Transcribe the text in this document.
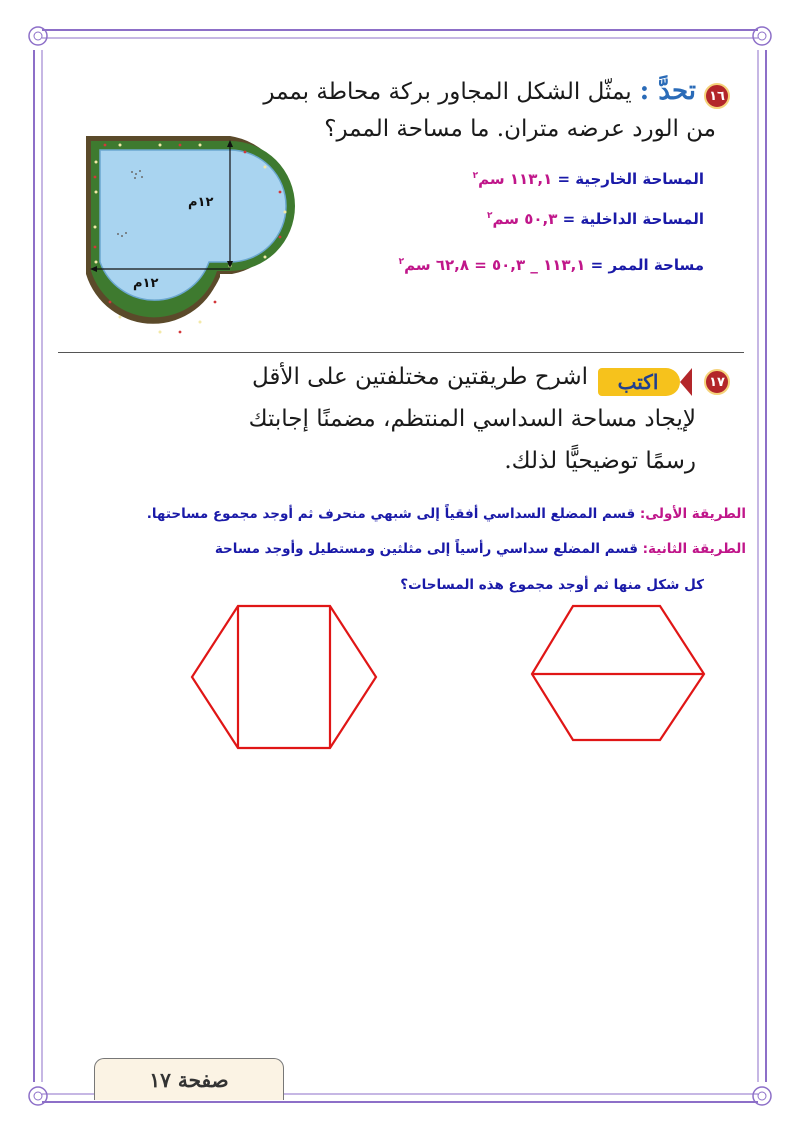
١٦
تحدَّ :
يمثّل الشكل المجاور بركة محاطة بممر
من الورد عرضه متران. ما مساحة الممر؟
١٢م
١٢م
المساحة الخارجية = ١١٣,١ سم$^٢$
المساحة الداخلية = ٥٠,٣ سم$^٢$
مساحة الممر = ١١٣,١ _ ٥٠,٣ = ٦٢,٨ سم$^٢$
١٧
اكتب
اشرح طريقتين مختلفتين على الأقل
لإيجاد مساحة السداسي المنتظم، مضمنًا إجابتك
رسمًا توضيحيًّا لذلك.
الطريقة الأولى: قسم المضلع السداسي أفقياً إلى شبهي منحرف ثم أوجد مجموع مساحتها.
الطريقة الثانية: قسم المضلع سداسي رأسياً إلى مثلثين ومستطيل وأوجد مساحة
كل شكل منها ثم أوجد مجموع هذه المساحات؟
صفحة ١٧
